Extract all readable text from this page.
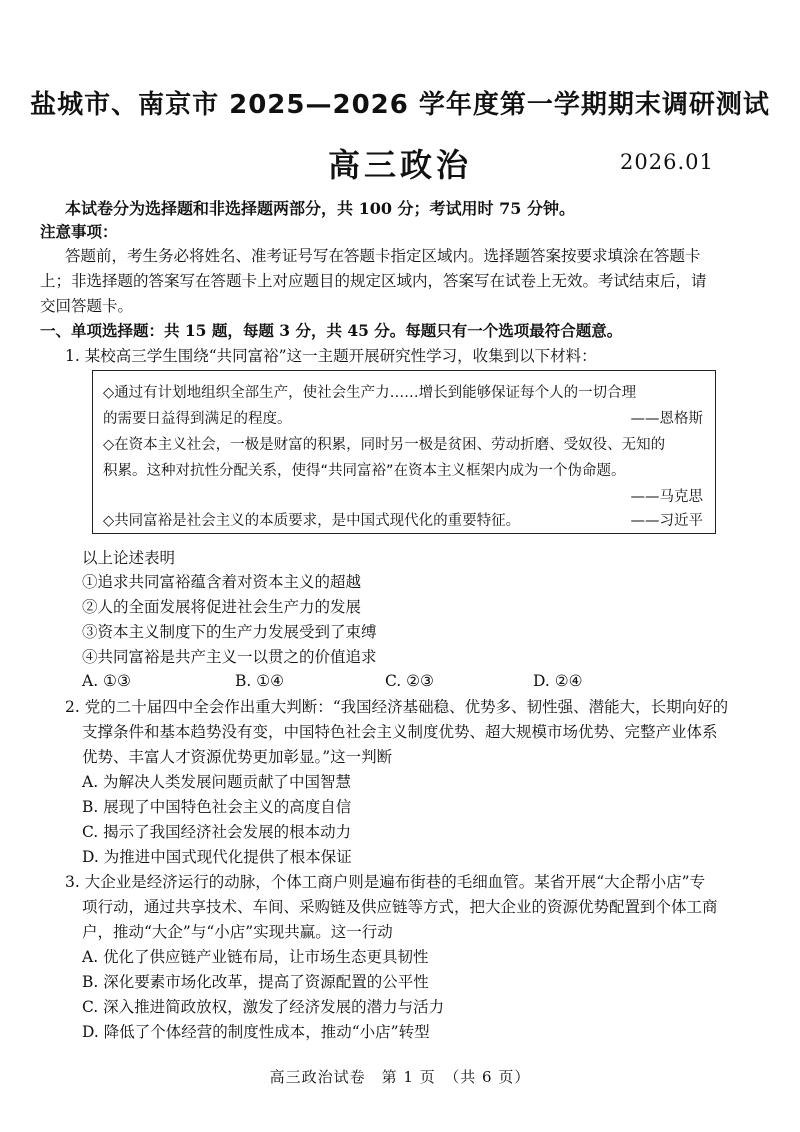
盐城市、南京市 2025—2026 学年度第一学期期末调研测试
高三政治	2026.01
本试卷分为选择题和非选择题两部分，共 100 分；考试用时 75 分钟。
注意事项：
答题前，考生务必将姓名、准考证号写在答题卡指定区域内。选择题答案按要求填涂在答题卡
上；非选择题的答案写在答题卡上对应题目的规定区域内，答案写在试卷上无效。考试结束后，请
交回答题卡。
一、单项选择题：共 15 题，每题 3 分，共 45 分。每题只有一个选项最符合题意。
1. 某校高三学生围绕“共同富裕”这一主题开展研究性学习，收集到以下材料：
◇通过有计划地组织全部生产，使社会生产力……增长到能够保证每个人的一切合理
的需要日益得到满足的程度。	——恩格斯
◇在资本主义社会，一极是财富的积累，同时另一极是贫困、劳动折磨、受奴役、无知的
积累。这种对抗性分配关系，使得“共同富裕”在资本主义框架内成为一个伪命题。
——马克思
◇共同富裕是社会主义的本质要求，是中国式现代化的重要特征。	——习近平
以上论述表明
①追求共同富裕蕴含着对资本主义的超越
②人的全面发展将促进社会生产力的发展
③资本主义制度下的生产力发展受到了束缚
④共同富裕是共产主义一以贯之的价值追求
A. ①③	B. ①④	C. ②③	D. ②④
2. 党的二十届四中全会作出重大判断：“我国经济基础稳、优势多、韧性强、潜能大，长期向好的
支撑条件和基本趋势没有变，中国特色社会主义制度优势、超大规模市场优势、完整产业体系
优势、丰富人才资源优势更加彰显。”这一判断
A. 为解决人类发展问题贡献了中国智慧
B. 展现了中国特色社会主义的高度自信
C. 揭示了我国经济社会发展的根本动力
D. 为推进中国式现代化提供了根本保证
3. 大企业是经济运行的动脉，个体工商户则是遍布街巷的毛细血管。某省开展“大企帮小店”专
项行动，通过共享技术、车间、采购链及供应链等方式，把大企业的资源优势配置到个体工商
户，推动“大企”与“小店”实现共赢。这一行动
A. 优化了供应链产业链布局，让市场生态更具韧性
B. 深化要素市场化改革，提高了资源配置的公平性
C. 深入推进简政放权，激发了经济发展的潜力与活力
D. 降低了个体经营的制度性成本，推动“小店”转型
高三政治试卷　第 1 页　（共 6 页）
